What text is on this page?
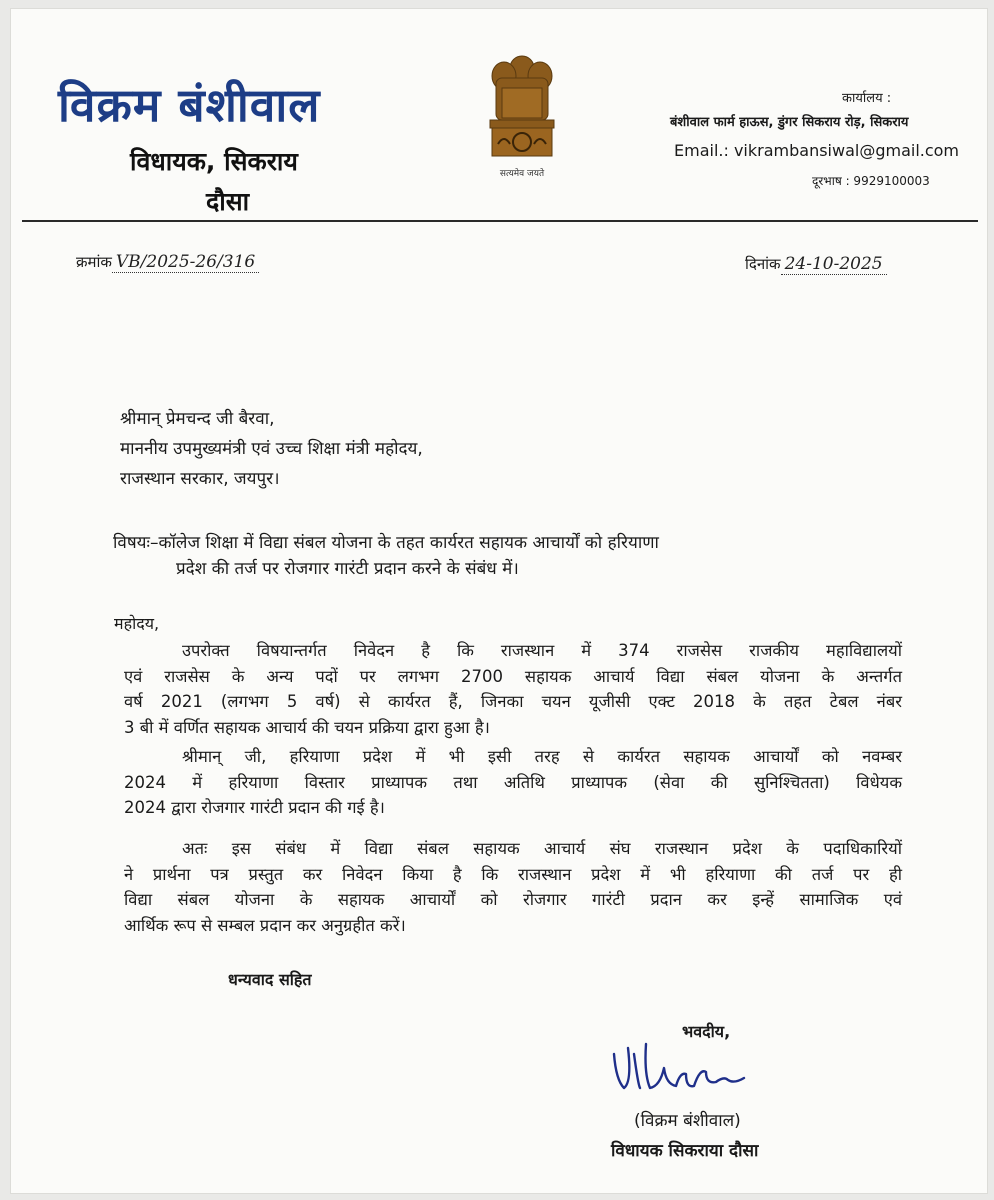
विक्रम बंशीवाल
विधायक, सिकराय
दौसा
सत्यमेव जयते
कार्यालय :
बंशीवाल फार्म हाऊस, डुंगर सिकराय रोड़, सिकराय
Email.: vikrambansiwal@gmail.com
दूरभाष : 9929100003
क्रमांक VB/2025-26/316	दिनांक 24-10-2025
श्रीमान् प्रेमचन्द जी बैरवा,
माननीय उपमुख्यमंत्री एवं उच्च शिक्षा मंत्री महोदय,
राजस्थान सरकार, जयपुर।
विषयः–कॉलेज शिक्षा में विद्या संबल योजना के तहत कार्यरत सहायक आचार्यों को हरियाणा
प्रदेश की तर्ज पर रोजगार गारंटी प्रदान करने के संबंध में।
महोदय,
उपरोक्त विषयान्तर्गत निवेदन है कि राजस्थान में 374 राजसेस राजकीय महाविद्यालयों
एवं राजसेस के अन्य पदों पर लगभग 2700 सहायक आचार्य विद्या संबल योजना के अन्तर्गत
वर्ष 2021 (लगभग 5 वर्ष) से कार्यरत हैं, जिनका चयन यूजीसी एक्ट 2018 के तहत टेबल नंबर
3 बी में वर्णित सहायक आचार्य की चयन प्रक्रिया द्वारा हुआ है।
श्रीमान् जी, हरियाणा प्रदेश में भी इसी तरह से कार्यरत सहायक आचार्यों को नवम्बर
2024 में हरियाणा विस्तार प्राध्यापक तथा अतिथि प्राध्यापक (सेवा की सुनिश्चितता) विधेयक
2024 द्वारा रोजगार गारंटी प्रदान की गई है।
अतः इस संबंध में विद्या संबल सहायक आचार्य संघ राजस्थान प्रदेश के पदाधिकारियों
ने प्रार्थना पत्र प्रस्तुत कर निवेदन किया है कि राजस्थान प्रदेश में भी हरियाणा की तर्ज पर ही
विद्या संबल योजना के सहायक आचार्यों को रोजगार गारंटी प्रदान कर इन्हें सामाजिक एवं
आर्थिक रूप से सम्बल प्रदान कर अनुग्रहीत करें।
धन्यवाद सहित
भवदीय,
(विक्रम बंशीवाल)
विधायक सिकराया दौसा
